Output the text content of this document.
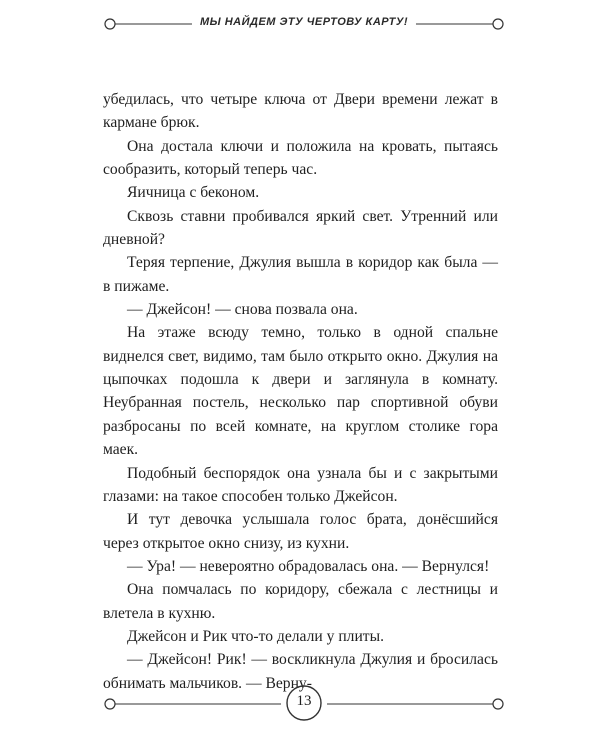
МЫ НАЙДЕМ ЭТУ ЧЕРТОВУ КАРТУ!

убедилась, что четыре ключа от Двери времени лежат в кармане брюк.

Она достала ключи и положила на кровать, пытаясь сообразить, который теперь час.

Яичница с беконом.

Сквозь ставни пробивался яркий свет. Утренний или дневной?

Теряя терпение, Джулия вышла в коридор как была — в пижаме.

— Джейсон! — снова позвала она.

На этаже всюду темно, только в одной спальне виднелся свет, видимо, там было открыто окно. Джулия на цыпочках подошла к двери и заглянула в комнату. Неубранная постель, несколько пар спортивной обуви разбросаны по всей комнате, на круглом столике гора маек.

Подобный беспорядок она узнала бы и с закрытыми глазами: на такое способен только Джейсон.

И тут девочка услышала голос брата, донёсшийся через открытое окно снизу, из кухни.

— Ура! — невероятно обрадовалась она. — Вернулся!

Она помчалась по коридору, сбежала с лестницы и влетела в кухню.

Джейсон и Рик что-то делали у плиты.

— Джейсон! Рик! — воскликнула Джулия и бросилась обнимать мальчиков. — Верну-

13
